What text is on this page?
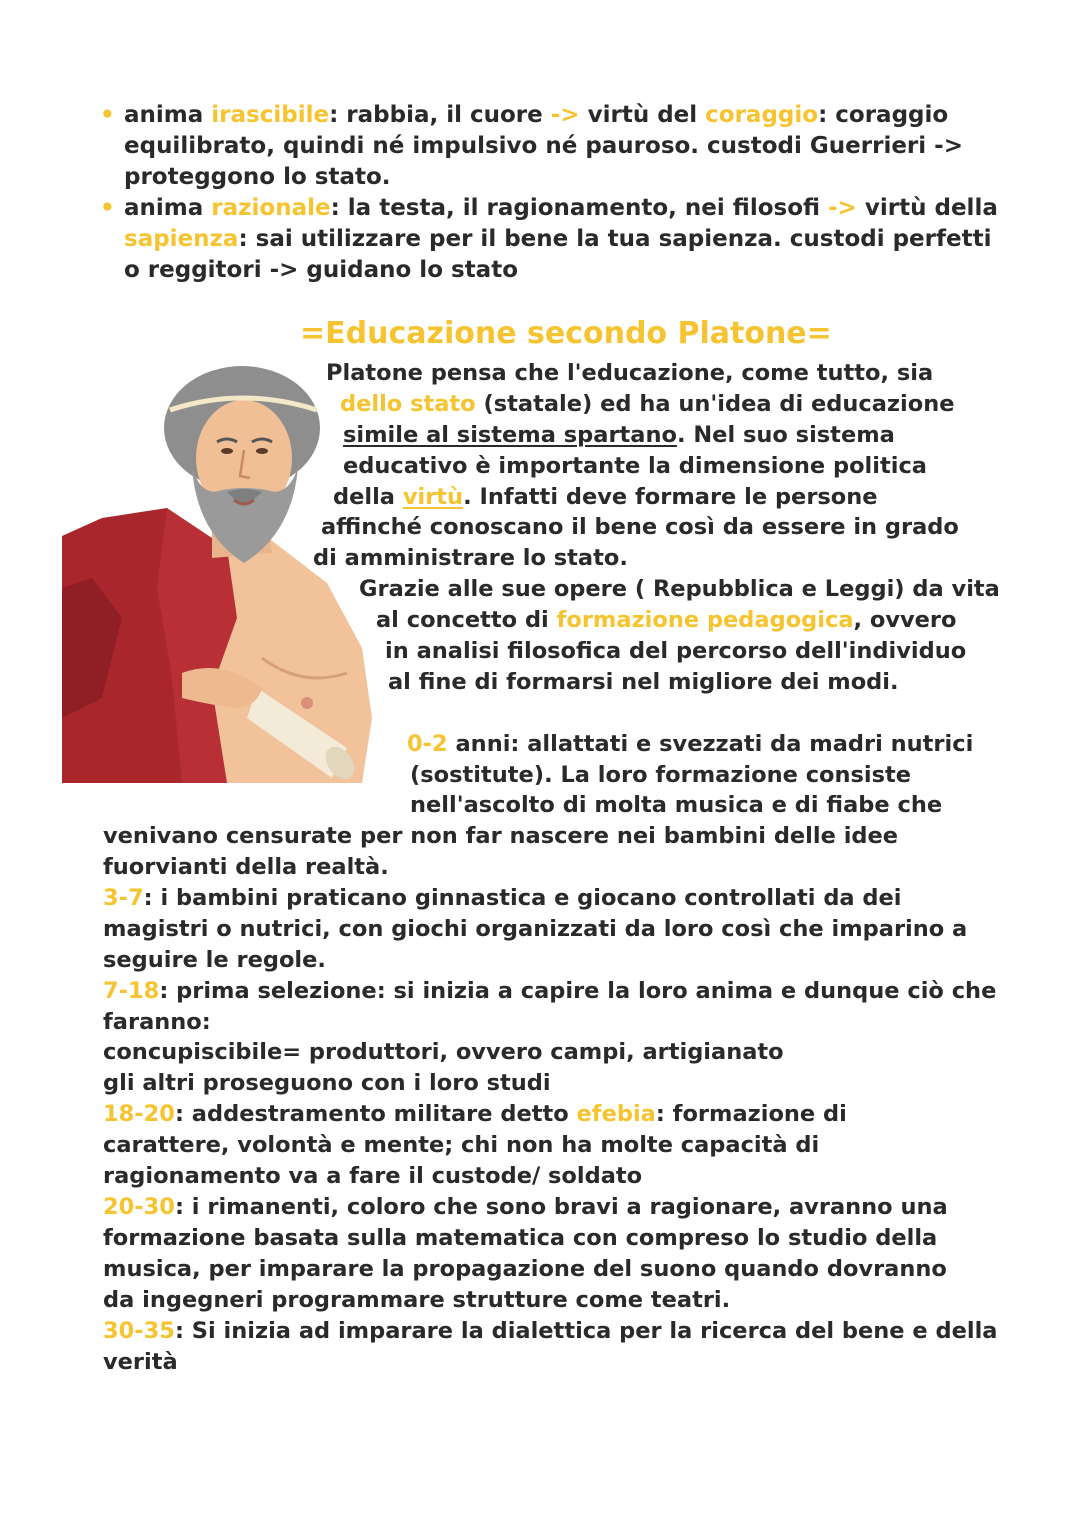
• anima irascibile: rabbia, il cuore -> virtù del coraggio: coraggio
equilibrato, quindi né impulsivo né pauroso. custodi Guerrieri ->
proteggono lo stato.
• anima razionale: la testa, il ragionamento, nei filosofi -> virtù della
sapienza: sai utilizzare per il bene la tua sapienza. custodi perfetti
o reggitori -> guidano lo stato
=Educazione secondo Platone=
Platone pensa che l'educazione, come tutto, sia
dello stato (statale) ed ha un'idea di educazione
simile al sistema spartano. Nel suo sistema
educativo è importante la dimensione politica
della virtù. Infatti deve formare le persone
affinché conoscano il bene così da essere in grado
di amministrare lo stato.
Grazie alle sue opere ( Repubblica e Leggi) da vita
al concetto di formazione pedagogica, ovvero
in analisi filosofica del percorso dell'individuo
al fine di formarsi nel migliore dei modi.
0-2 anni: allattati e svezzati da madri nutrici
(sostitute). La loro formazione consiste
nell'ascolto di molta musica e di fiabe che
venivano censurate per non far nascere nei bambini delle idee
fuorvianti della realtà.
3-7: i bambini praticano ginnastica e giocano controllati da dei
magistri o nutrici, con giochi organizzati da loro così che imparino a
seguire le regole.
7-18: prima selezione: si inizia a capire la loro anima e dunque ciò che
faranno:
concupiscibile= produttori, ovvero campi, artigianato
gli altri proseguono con i loro studi
18-20: addestramento militare detto efebia: formazione di
carattere, volontà e mente; chi non ha molte capacità di
ragionamento va a fare il custode/ soldato
20-30: i rimanenti, coloro che sono bravi a ragionare, avranno una
formazione basata sulla matematica con compreso lo studio della
musica, per imparare la propagazione del suono quando dovranno
da ingegneri programmare strutture come teatri.
30-35: Si inizia ad imparare la dialettica per la ricerca del bene e della
verità
